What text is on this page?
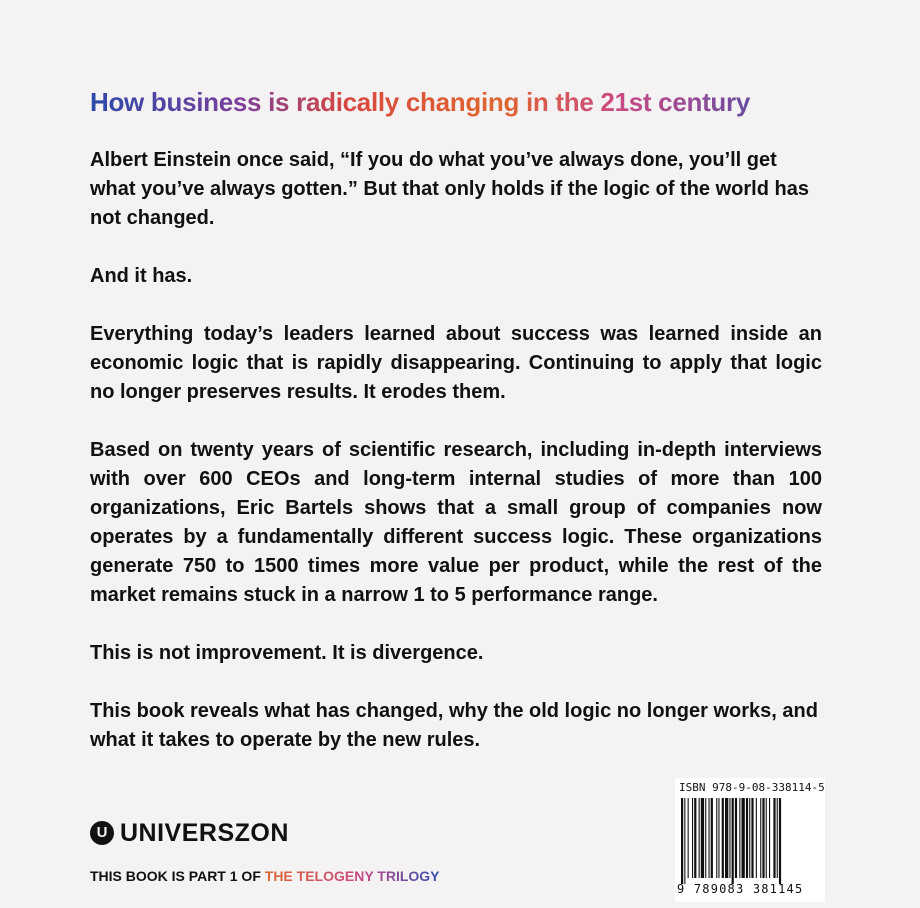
How business is radically changing in the 21st century

Albert Einstein once said, “If you do what you’ve always done, you’ll get what you’ve always gotten.” But that only holds if the logic of the world has not changed.

And it has.

Everything today’s leaders learned about success was learned inside an economic logic that is rapidly disappearing. Continuing to apply that logic no longer preserves results. It erodes them.

Based on twenty years of scientific research, including in-depth interviews with over 600 CEOs and long-term internal studies of more than 100 organizations, Eric Bartels shows that a small group of companies now operates by a fundamentally different success logic. These organizations generate 750 to 1500 times more value per product, while the rest of the market remains stuck in a narrow 1 to 5 performance range.

This is not improvement. It is divergence.

This book reveals what has changed, why the old logic no longer works, and what it takes to operate by the new rules.

U UNIVERSZON
THIS BOOK IS PART 1 OF THE TELOGENY TRILOGY
ISBN 978-9-08-338114-5
9 789083 381145
